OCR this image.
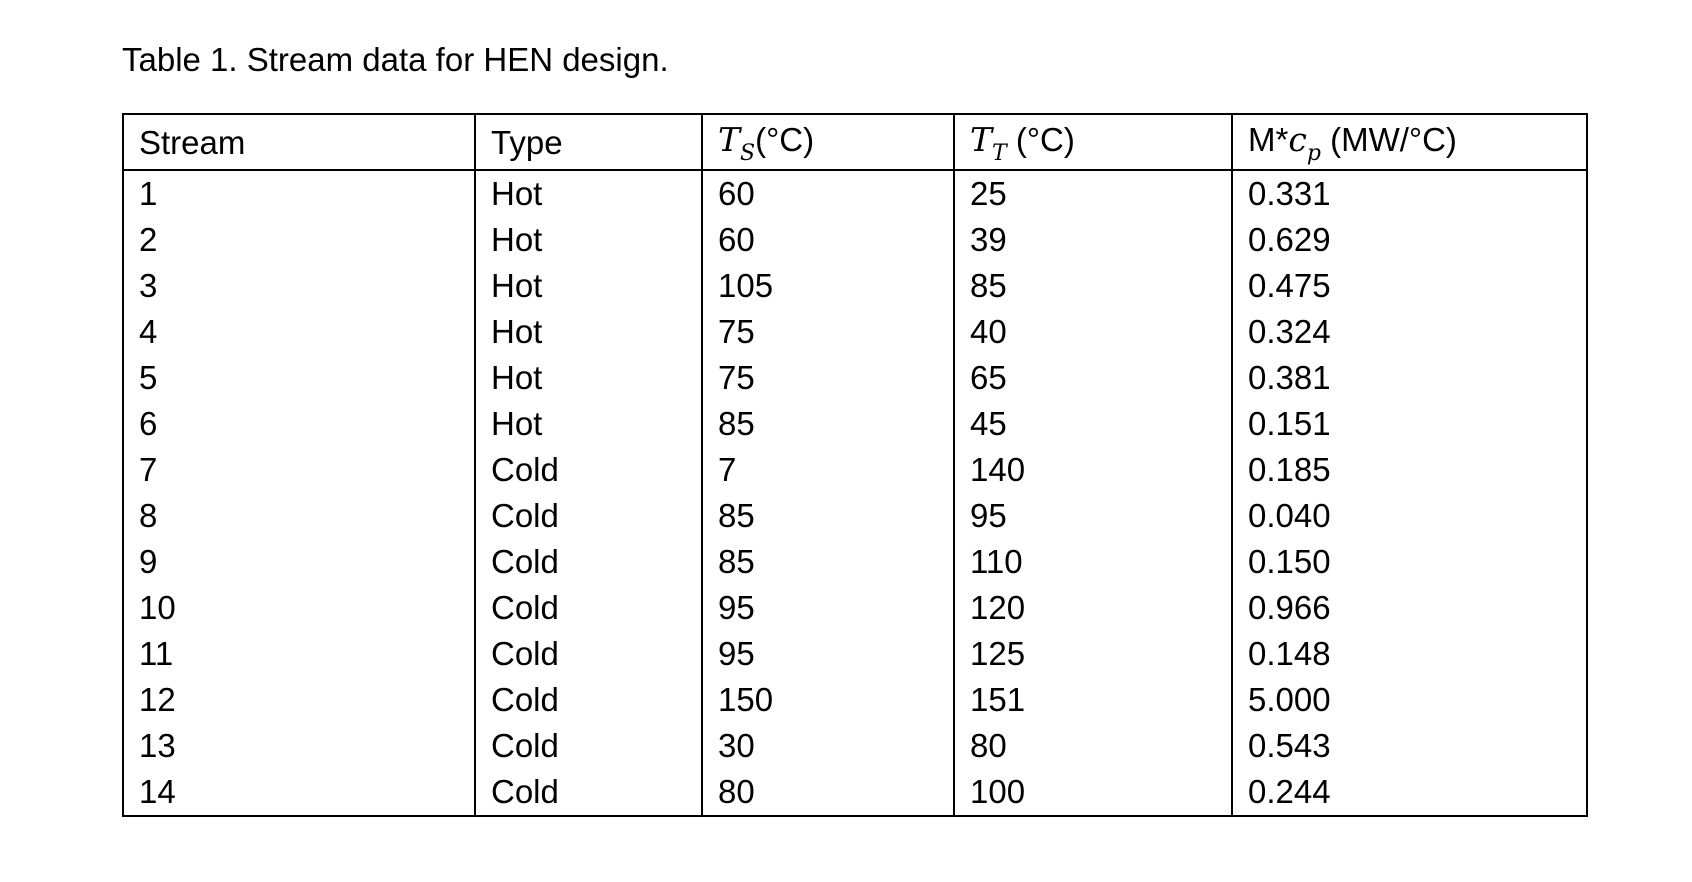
Table 1. Stream data for HEN design.
Stream	Type	$T_S(^\circ C)$	$T_T$ (°C)	$M*c_p$ (MW/°C)
1	Hot	60	25	0.331
2	Hot	60	39	0.629
3	Hot	105	85	0.475
4	Hot	75	40	0.324
5	Hot	75	65	0.381
6	Hot	85	45	0.151
7	Cold	7	140	0.185
8	Cold	85	95	0.040
9	Cold	85	110	0.150
10	Cold	95	120	0.966
11	Cold	95	125	0.148
12	Cold	150	151	5.000
13	Cold	30	80	0.543
14	Cold	80	100	0.244
